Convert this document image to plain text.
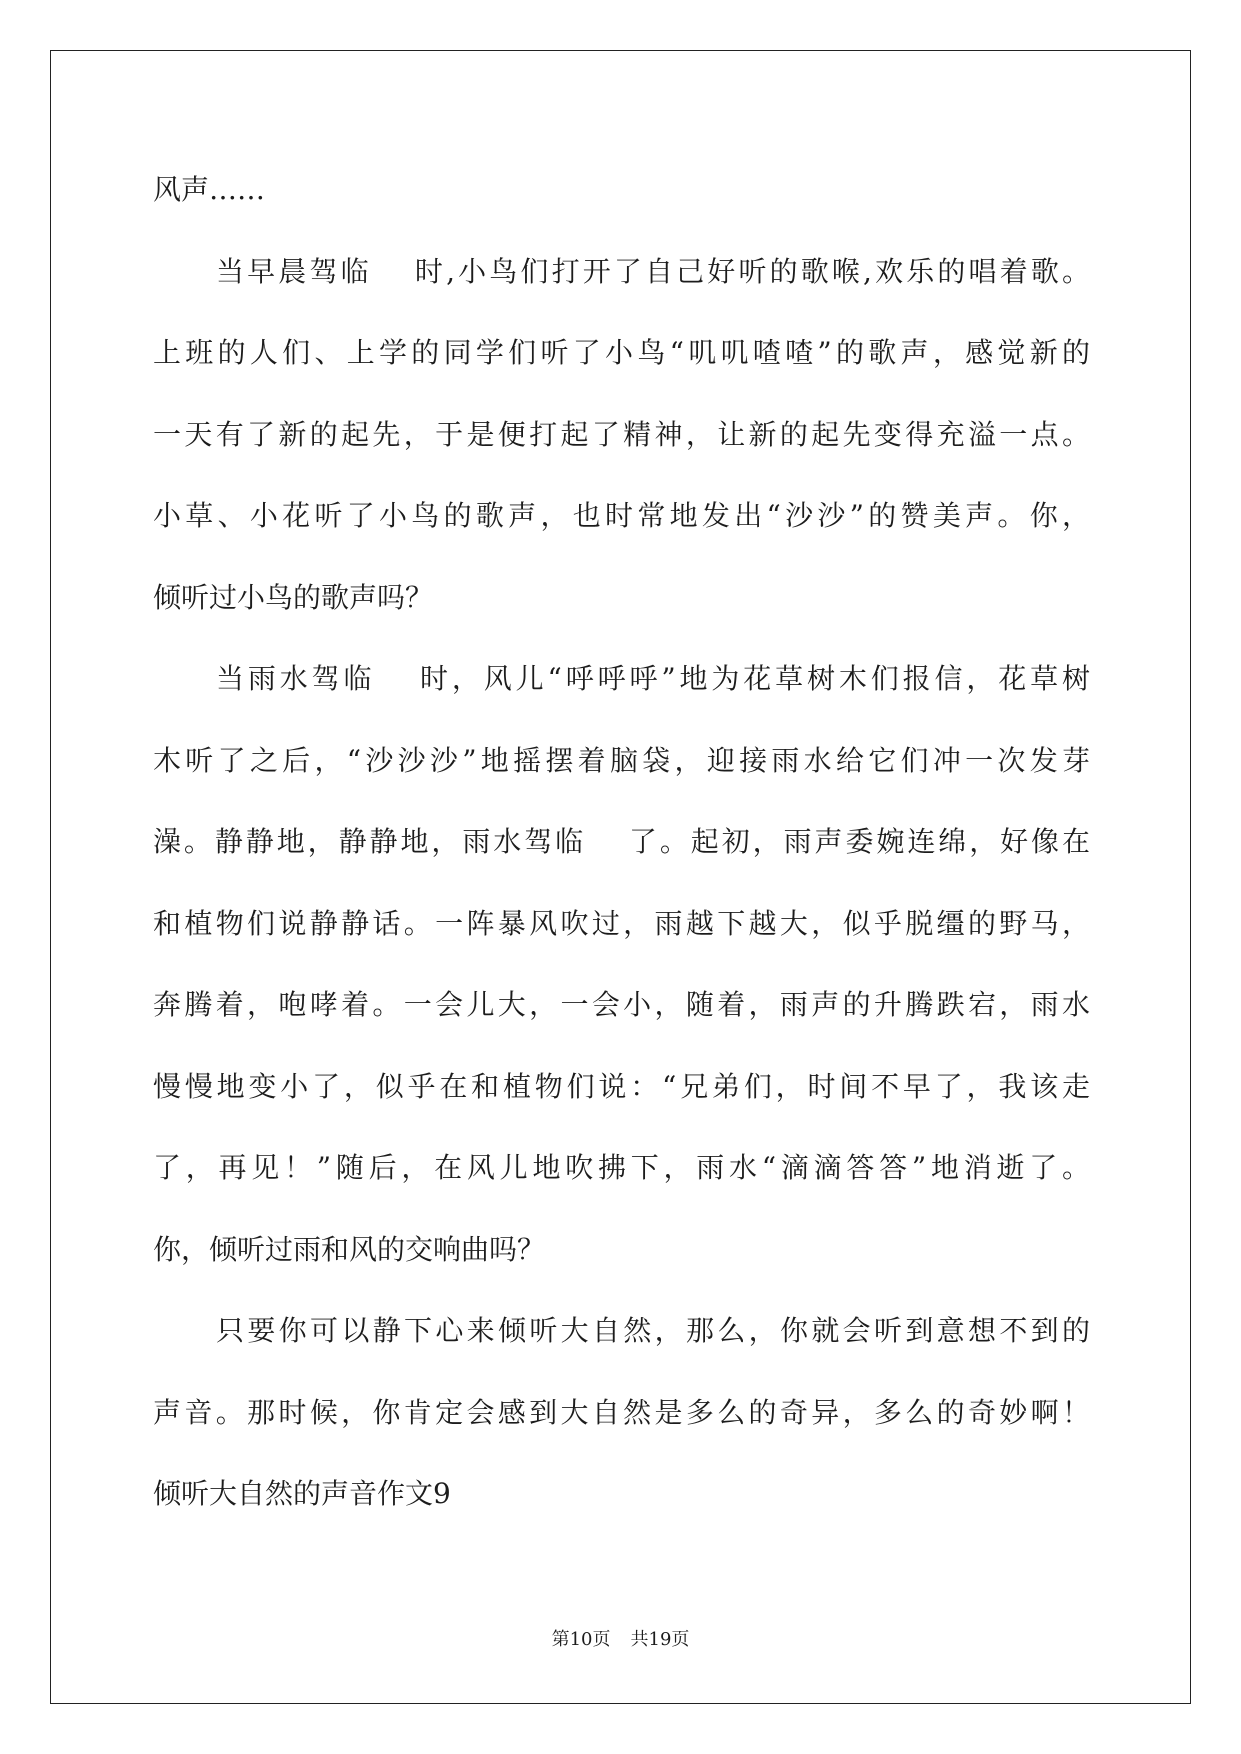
风声……
当早晨驾临　 时,小鸟们打开了自己好听的歌喉,欢乐的唱着歌。
上班的人们、上学的同学们听了小鸟“叽叽喳喳”的歌声，感觉新的
一天有了新的起先，于是便打起了精神，让新的起先变得充溢一点。
小草、小花听了小鸟的歌声，也时常地发出“沙沙”的赞美声。你，
倾听过小鸟的歌声吗？
当雨水驾临　 时，风儿“呼呼呼”地为花草树木们报信，花草树
木听了之后，“沙沙沙”地摇摆着脑袋，迎接雨水给它们冲一次发芽
澡。静静地，静静地，雨水驾临　 了。起初，雨声委婉连绵，好像在
和植物们说静静话。一阵暴风吹过，雨越下越大，似乎脱缰的野马，
奔腾着，咆哮着。一会儿大，一会小，随着，雨声的升腾跌宕，雨水
慢慢地变小了，似乎在和植物们说：“兄弟们，时间不早了，我该走
了，再见！”随后，在风儿地吹拂下，雨水“滴滴答答”地消逝了。
你，倾听过雨和风的交响曲吗？
只要你可以静下心来倾听大自然，那么，你就会听到意想不到的
声音。那时候，你肯定会感到大自然是多么的奇异，多么的奇妙啊！
倾听大自然的声音作文9
第10页 共19页
